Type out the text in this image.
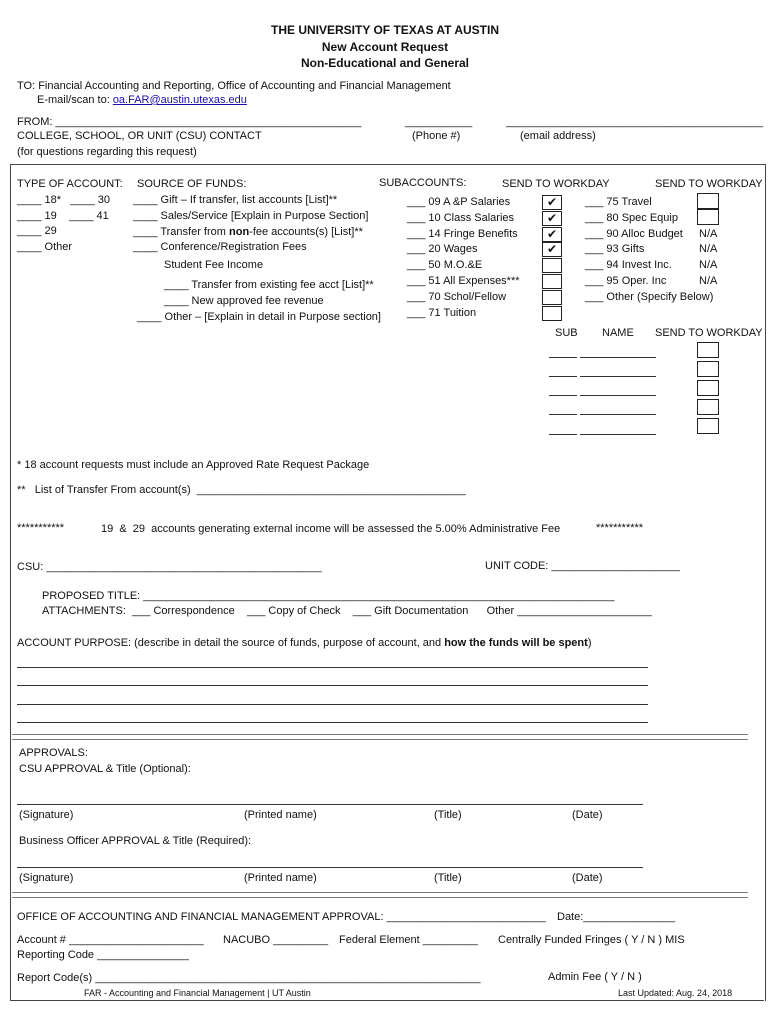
THE UNIVERSITY OF TEXAS AT AUSTIN
New Account Request
Non-Educational and General
TO: Financial Accounting and Reporting, Office of Accounting and Financial Management
E-mail/scan to: oa.FAR@austin.utexas.edu
FROM: __________________________________________________	___________	__________________________________________
COLLEGE, SCHOOL, OR UNIT (CSU) CONTACT	(Phone #)	(email address)
(for questions regarding this request)
TYPE OF ACCOUNT:
____ 18*   ____ 30
____ 19    ____ 41
____ 29
____ Other
SOURCE OF FUNDS:
____ Gift – If transfer, list accounts [List]**
____ Sales/Service [Explain in Purpose Section]
____ Transfer from non-fee accounts(s) [List]**
____ Conference/Registration Fees
Student Fee Income
____ Transfer from existing fee acct [List]**
____ New approved fee revenue
____ Other – [Explain in detail in Purpose section]
SUBACCOUNTS:	SEND TO WORKDAY	SEND TO WORKDAY
___ 09 A &P Salaries	✔
___ 10 Class Salaries	✔
___ 14 Fringe Benefits	✔
___ 20 Wages	✔
___ 50 M.O.&E
___ 51 All Expenses***
___ 70 Schol/Fellow
___ 71 Tuition
___ 75 Travel
___ 80 Spec Equip
___ 90 Alloc Budget N/A
___ 93 Gifts	N/A
___ 94 Invest Inc. N/A
___ 95 Oper. Inc	N/A
___ Other (Specify Below)
SUB NAME SEND TO WORKDAY
* 18 account requests must include an Approved Rate Request Package
**   List of Transfer From account(s)  ____________________________________________
***********	19  &  29  accounts generating external income will be assessed the 5.00% Administrative Fee	***********
CSU: _____________________________________________	UNIT CODE: _____________________
PROPOSED TITLE: _____________________________________________________________________________
ATTACHMENTS:  ___ Correspondence    ___ Copy of Check    ___ Gift Documentation      Other ______________________
ACCOUNT PURPOSE: (describe in detail the source of funds, purpose of account, and how the funds will be spent)
APPROVALS:
CSU APPROVAL & Title (Optional):
(Signature)	(Printed name)	(Title)	(Date)
Business Officer APPROVAL & Title (Required):
(Signature)	(Printed name)	(Title)	(Date)
OFFICE OF ACCOUNTING AND FINANCIAL MANAGEMENT APPROVAL: __________________________ Date:_______________
Account # ______________________ NACUBO _________ Federal Element _________ Centrally Funded Fringes ( Y / N ) MIS
Reporting Code _______________
Report Code(s) _______________________________________________________________	Admin Fee ( Y / N )
FAR - Accounting and Financial Management | UT Austin	Last Updated: Aug. 24, 2018
